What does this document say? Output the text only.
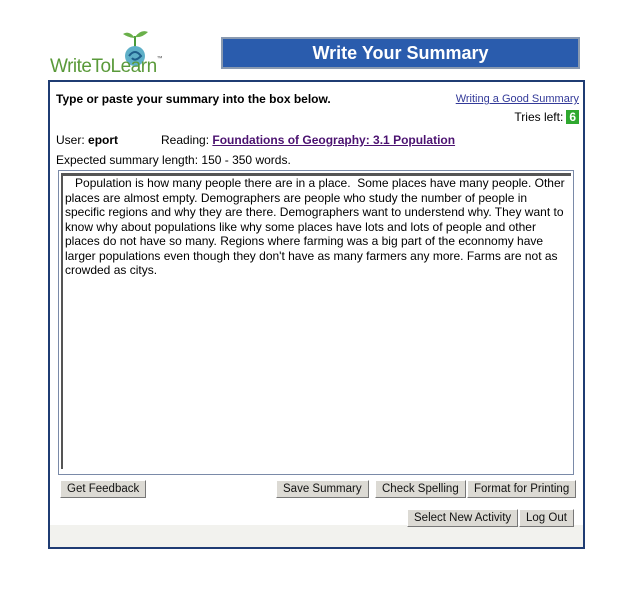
WriteToLearn™	Write Your Summary
Type or paste your summary into the box below.	Writing a Good Summary
Tries left: 6
User: eport	Reading: Foundations of Geography: 3.1 Population
Expected summary length: 150 - 350 words.
Population is how many people there are in a place. Some places have many people. Other places are almost empty. Demographers are people who study the number of people in specific regions and why they are there. Demographers want to understend why. They want to know why about populations like why some places have lots and lots of people and other places do not have so many. Regions where farming was a big part of the econnomy have larger populations even though they don't have as many farmers any more. Farms are not as crowded as citys.
Get Feedback	Save Summary	Check Spelling	Format for Printing
Select New Activity	Log Out
